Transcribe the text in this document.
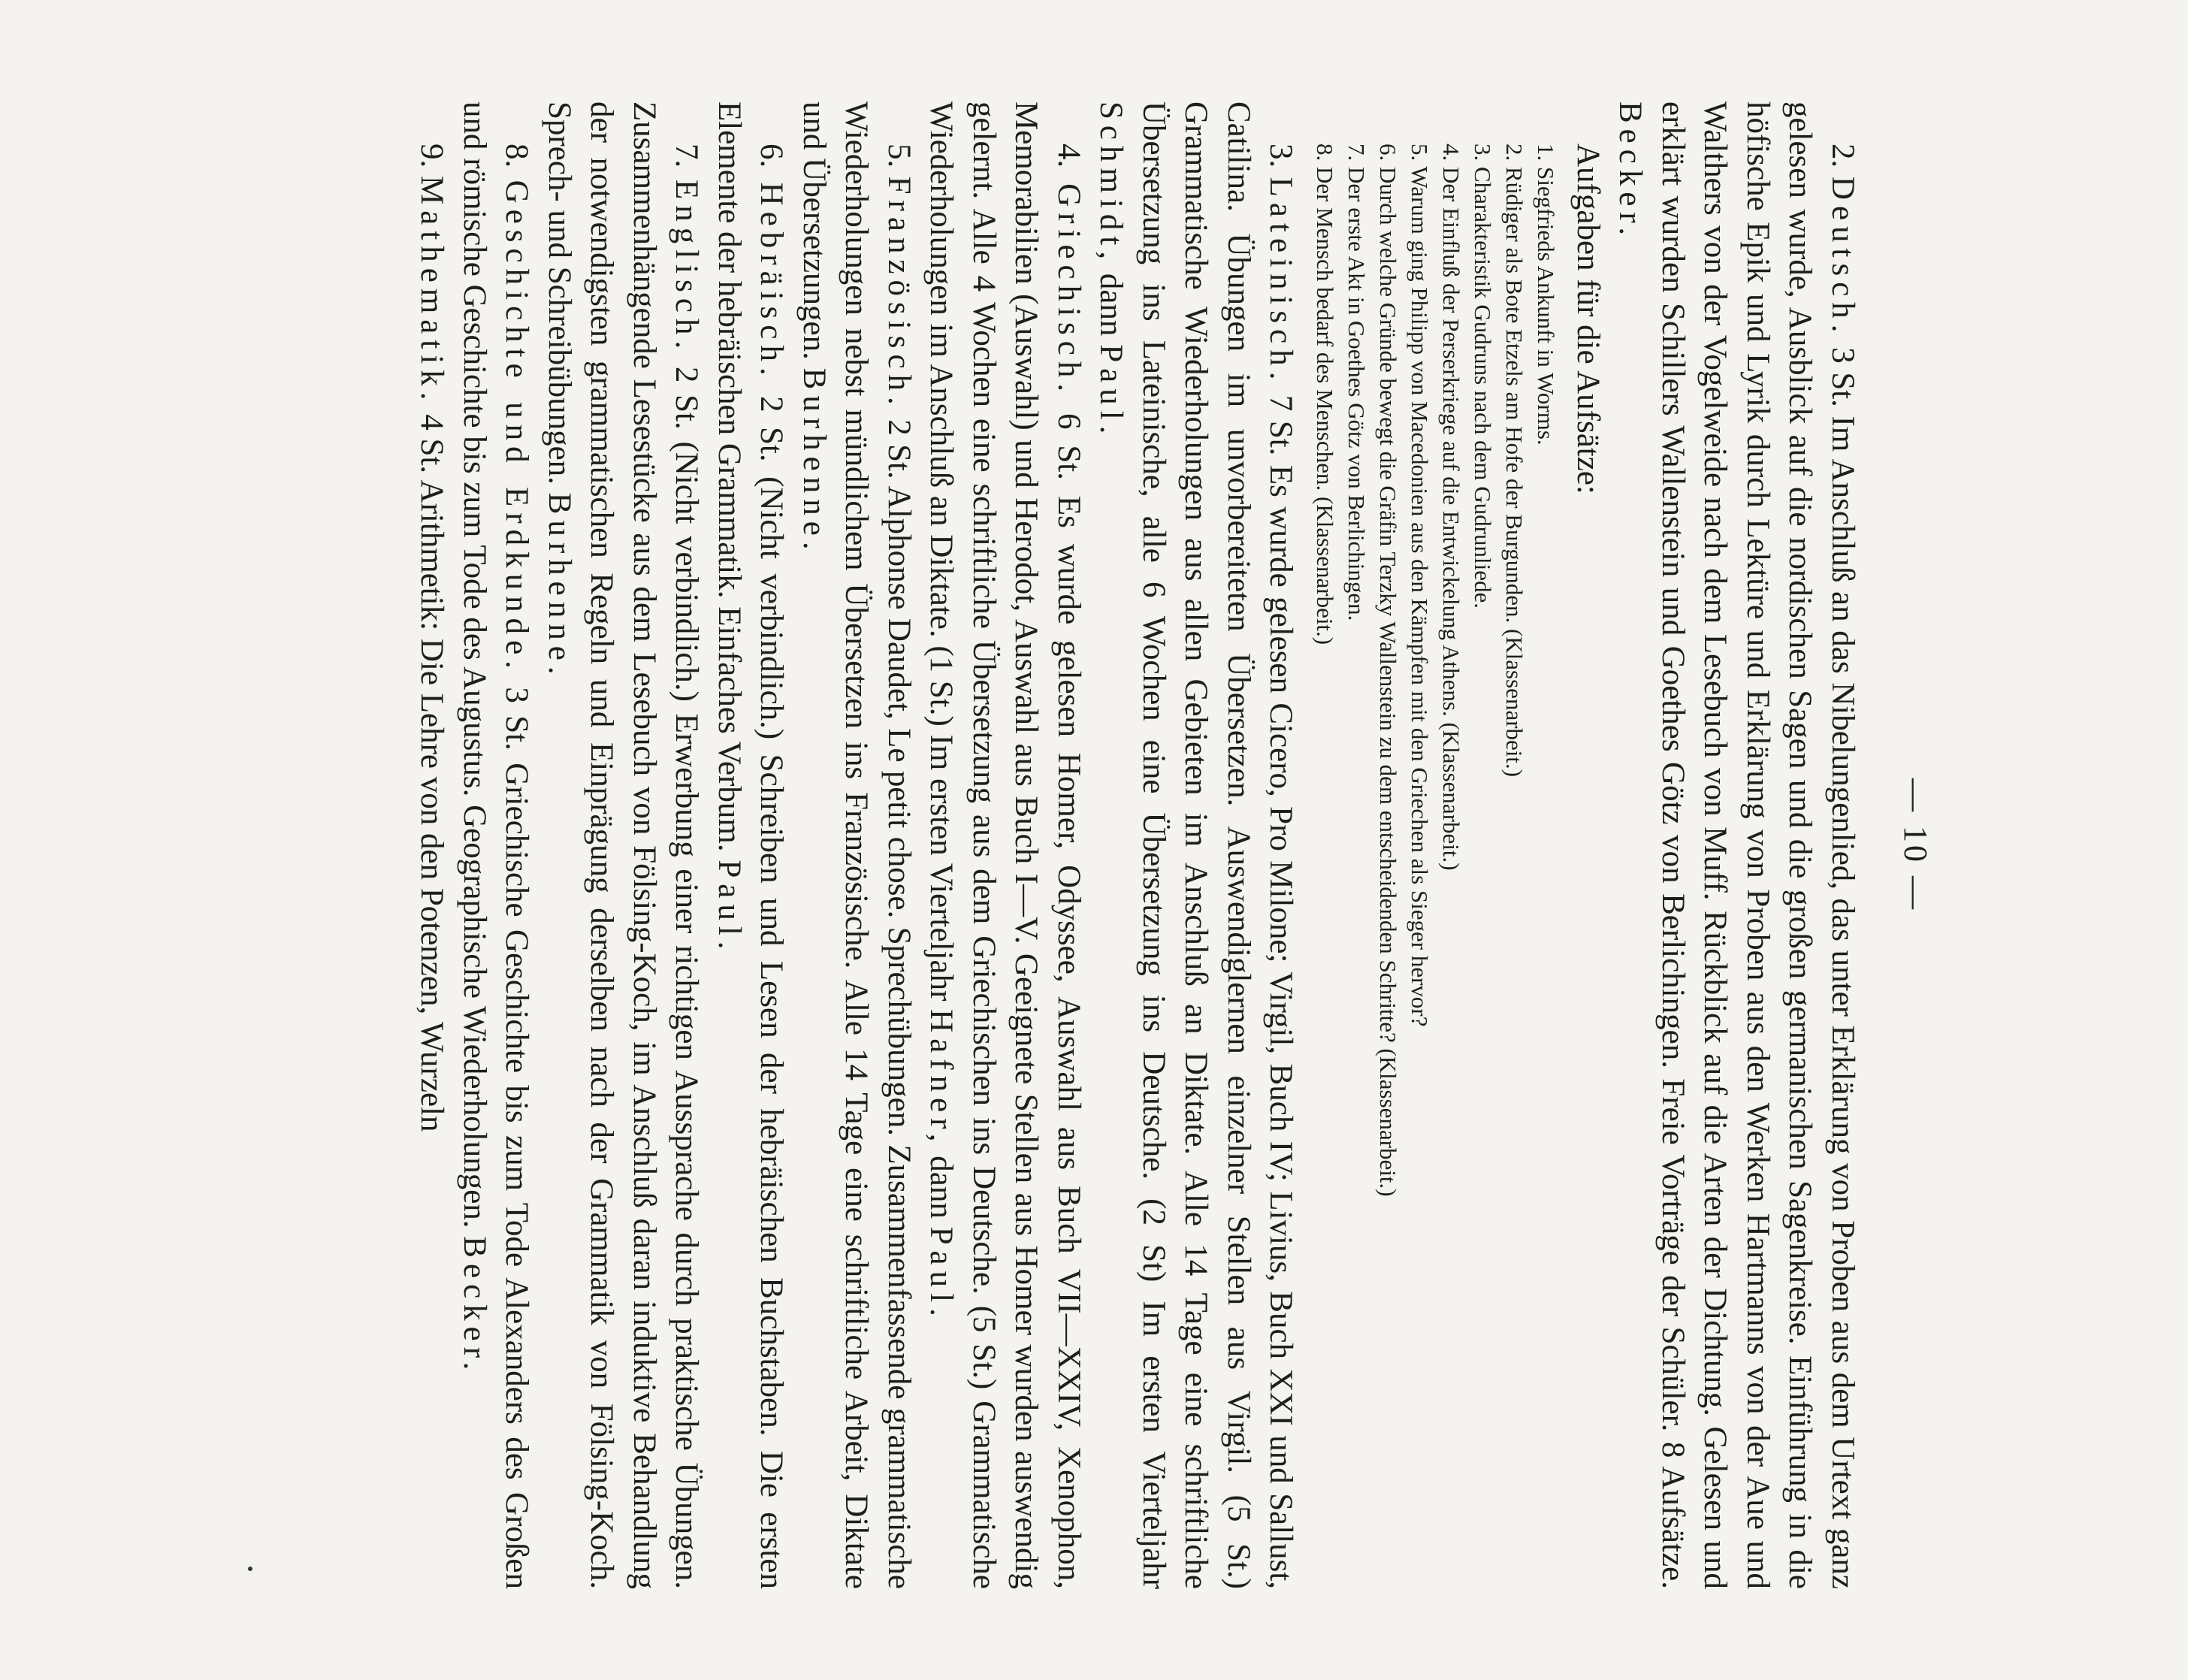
— 10 —

2. Deutsch. 3 St. Im Anschluß an das Nibelungenlied, das unter Erklärung von Proben aus dem Urtext ganz gelesen wurde, Ausblick auf die nordischen Sagen und die großen germanischen Sagenkreise. Einführung in die höfische Epik und Lyrik durch Lektüre und Erklärung von Proben aus den Werken Hartmanns von der Aue und Walthers von der Vogelweide nach dem Lesebuch von Muff. Rückblick auf die Arten der Dichtung. Gelesen und erklärt wurden Schillers Wallenstein und Goethes Götz von Berlichingen. Freie Vorträge der Schüler. 8 Aufsätze. Becker.

Aufgaben für die Aufsätze:

1. Siegfrieds Ankunft in Worms.
2. Rüdiger als Bote Etzels am Hofe der Burgunden. (Klassenarbeit.)
3. Charakteristik Gudruns nach dem Gudrunliede.
4. Der Einfluß der Perserkriege auf die Entwickelung Athens. (Klassenarbeit.)
5. Warum ging Philipp von Macedonien aus den Kämpfen mit den Griechen als Sieger hervor?
6. Durch welche Gründe bewegt die Gräfin Terzky Wallenstein zu dem entscheidenden Schritte? (Klassenarbeit.)
7. Der erste Akt in Goethes Götz von Berlichingen.
8. Der Mensch bedarf des Menschen. (Klassenarbeit.)

3. Lateinisch. 7 St. Es wurde gelesen Cicero, Pro Milone; Virgil, Buch IV; Livius, Buch XXI und Sallust, Catilina. Übungen im unvorbereiteten Übersetzen. Auswendiglernen einzelner Stellen aus Virgil. (5 St.) Grammatische Wiederholungen aus allen Gebieten im Anschluß an Diktate. Alle 14 Tage eine schriftliche Übersetzung ins Lateinische, alle 6 Wochen eine Übersetzung ins Deutsche. (2 St) Im ersten Vierteljahr Schmidt, dann Paul.

4. Griechisch. 6 St. Es wurde gelesen Homer, Odyssee, Auswahl aus Buch VII—XXIV, Xenophon, Memorabilien (Auswahl) und Herodot, Auswahl aus Buch I—V. Geeignete Stellen aus Homer wurden auswendig gelernt. Alle 4 Wochen eine schriftliche Übersetzung aus dem Griechischen ins Deutsche. (5 St.) Grammatische Wiederholungen im Anschluß an Diktate. (1 St.) Im ersten Vierteljahr Hafner, dann Paul.

5. Französisch. 2 St. Alphonse Daudet, Le petit chose. Sprechübungen. Zusammenfassende grammatische Wiederholungen nebst mündlichem Übersetzen ins Französische. Alle 14 Tage eine schriftliche Arbeit, Diktate und Übersetzungen. Burhenne.

6. Hebräisch. 2 St. (Nicht verbindlich.) Schreiben und Lesen der hebräischen Buchstaben. Die ersten Elemente der hebräischen Grammatik. Einfaches Verbum. Paul.

7. Englisch. 2 St. (Nicht verbindlich.) Erwerbung einer richtigen Aussprache durch praktische Übungen. Zusammenhängende Lesestücke aus dem Lesebuch von Fölsing-Koch, im Anschluß daran induktive Behandlung der notwendigsten grammatischen Regeln und Einprägung derselben nach der Grammatik von Fölsing-Koch. Sprech- und Schreibübungen. Burhenne.

8. Geschichte und Erdkunde. 3 St. Griechische Geschichte bis zum Tode Alexanders des Großen und römische Geschichte bis zum Tode des Augustus. Geographische Wiederholungen. Becker.

9. Mathematik. 4 St. Arithmetik: Die Lehre von den Potenzen, Wurzeln
